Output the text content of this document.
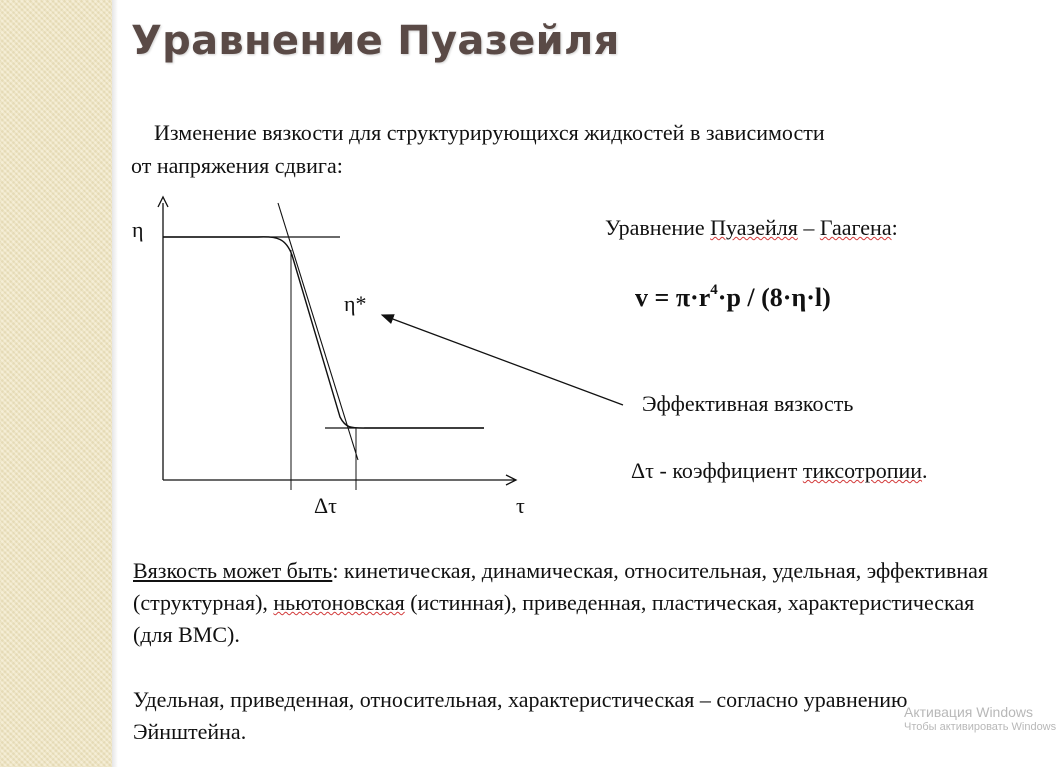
Уравнение Пуазейля
Изменение вязкости для структурирующихся жидкостей в зависимости
от напряжения сдвига:
η
η*
Δτ	τ
Уравнение Пуазейля – Гаагена:
$v = \pi\cdot r^4\cdot p / (8\cdot\eta\cdot l)$
Эффективная вязкость
Δτ - коэффициент тиксотропии.
Вязкость может быть: кинетическая, динамическая, относительная, удельная, эффективная (структурная), ньютоновская (истинная), приведенная, пластическая, характеристическая (для ВМС).
Удельная, приведенная, относительная, характеристическая – согласно уравнению Эйнштейна.
Активация Windows
Чтобы активировать Windows
